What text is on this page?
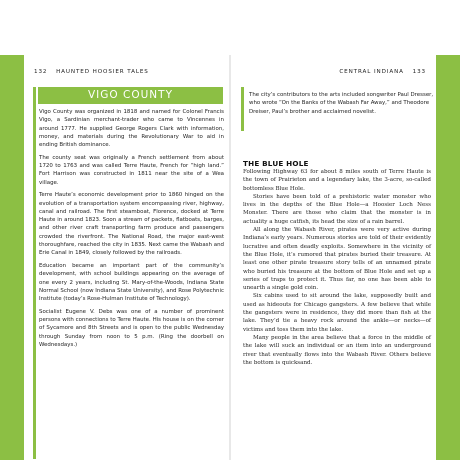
132 HAUNTED HOOSIER TALES
VIGO COUNTY

Vigo County was organized in 1818 and named for Colonel Francis Vigo, a Sardinian merchant-trader who came to Vincennes in around 1777. He supplied George Rogers Clark with information, money, and materials during the Revolutionary War to aid in ending British dominance.

The county seat was originally a French settlement from about 1720 to 1763 and was called Terre Haute, French for “high land.” Fort Harrison was constructed in 1811 near the site of a Wea village.

Terre Haute’s economic development prior to 1860 hinged on the evolution of a transportation system encompassing river, highway, canal and railroad. The first steamboat, Florence, docked at Terre Haute in around 1823. Soon a stream of packets, flatboats, barges, and other river craft transporting farm produce and passengers crowded the riverfront. The National Road, the major east-west thoroughfare, reached the city in 1835. Next came the Wabash and Erie Canal in 1849, closely followed by the railroads.

Education became an important part of the community’s development, with school buildings appearing on the average of one every 2 years, including St. Mary-of-the-Woods, Indiana State Normal School (now Indiana State University), and Rose Polytechnic Institute (today’s Rose-Hulman Institute of Technology).

Socialist Eugene V. Debs was one of a number of prominent persons with connections to Terre Haute. His house is on the corner of Sycamore and 8th Streets and is open to the public Wednesday through Sunday from noon to 5 p.m. (Ring the doorbell on Wednesdays.)

CENTRAL INDIANA 133

The city’s contributors to the arts included songwriter Paul Dresser, who wrote “On the Banks of the Wabash Far Away,” and Theodore Dreiser, Paul’s brother and acclaimed novelist.

THE BLUE HOLE

Following Highway 63 for about 8 miles south of Terre Haute is the town of Prairieton and a legendary lake, the 3-acre, so-called bottomless Blue Hole.

Stories have been told of a prehistoric water monster who lives in the depths of the Blue Hole—a Hoosier Loch Ness Monster. There are those who claim that the monster is in actuality a huge catfish, its head the size of a rain barrel.

All along the Wabash River, pirates were very active during Indiana’s early years. Numerous stories are told of their evidently lucrative and often deadly exploits. Somewhere in the vicinity of the Blue Hole, it’s rumored that pirates buried their treasure. At least one other pirate treasure story tells of an unnamed pirate who buried his treasure at the bottom of Blue Hole and set up a series of traps to protect it. Thus far, no one has been able to unearth a single gold coin.

Six cabins used to sit around the lake, supposedly built and used as hideouts for Chicago gangsters. A few believe that while the gangsters were in residence, they did more than fish at the lake. They’d tie a heavy rock around the ankle—or necks—of victims and toss them into the lake.

Many people in the area believe that a force in the middle of the lake will suck an individual or an item into an underground river that eventually flows into the Wabash River. Others believe the bottom is quicksand.
